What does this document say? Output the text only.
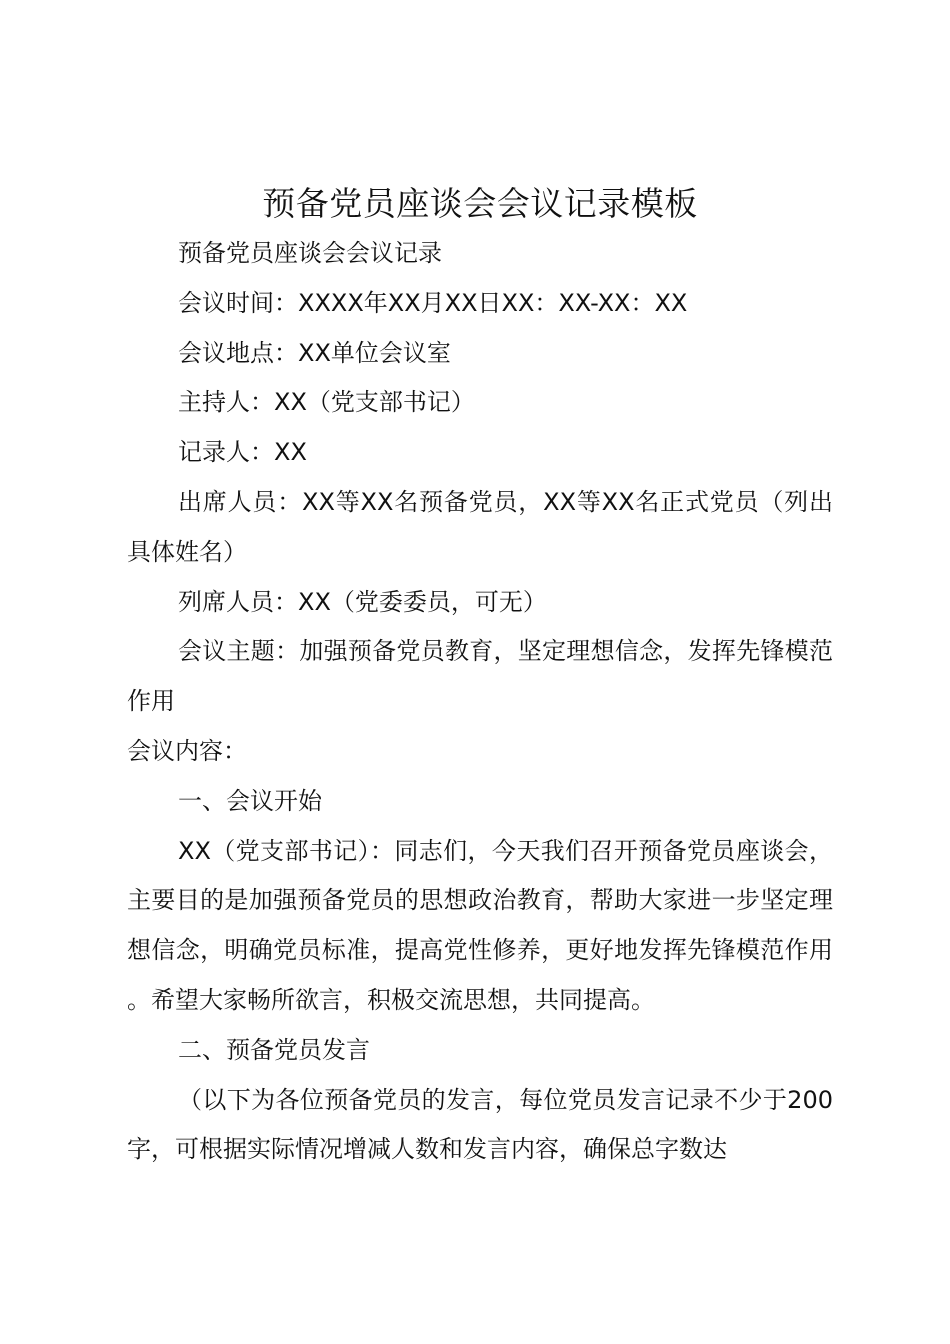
预备党员座谈会会议记录模板

预备党员座谈会会议记录

会议时间：XXXX年XX月XX日XX：XX-XX：XX

会议地点：XX单位会议室

主持人：XX（党支部书记）

记录人：XX

出席人员：XX等XX名预备党员，XX等XX名正式党员（列出具体姓名）

列席人员：XX（党委委员，可无）

会议主题：加强预备党员教育，坚定理想信念，发挥先锋模范作用

会议内容：

一、会议开始

XX（党支部书记）：同志们，今天我们召开预备党员座谈会，主要目的是加强预备党员的思想政治教育，帮助大家进一步坚定理想信念，明确党员标准，提高党性修养，更好地发挥先锋模范作用。希望大家畅所欲言，积极交流思想，共同提高。

二、预备党员发言

（以下为各位预备党员的发言，每位党员发言记录不少于200字，可根据实际情况增减人数和发言内容，确保总字数达
